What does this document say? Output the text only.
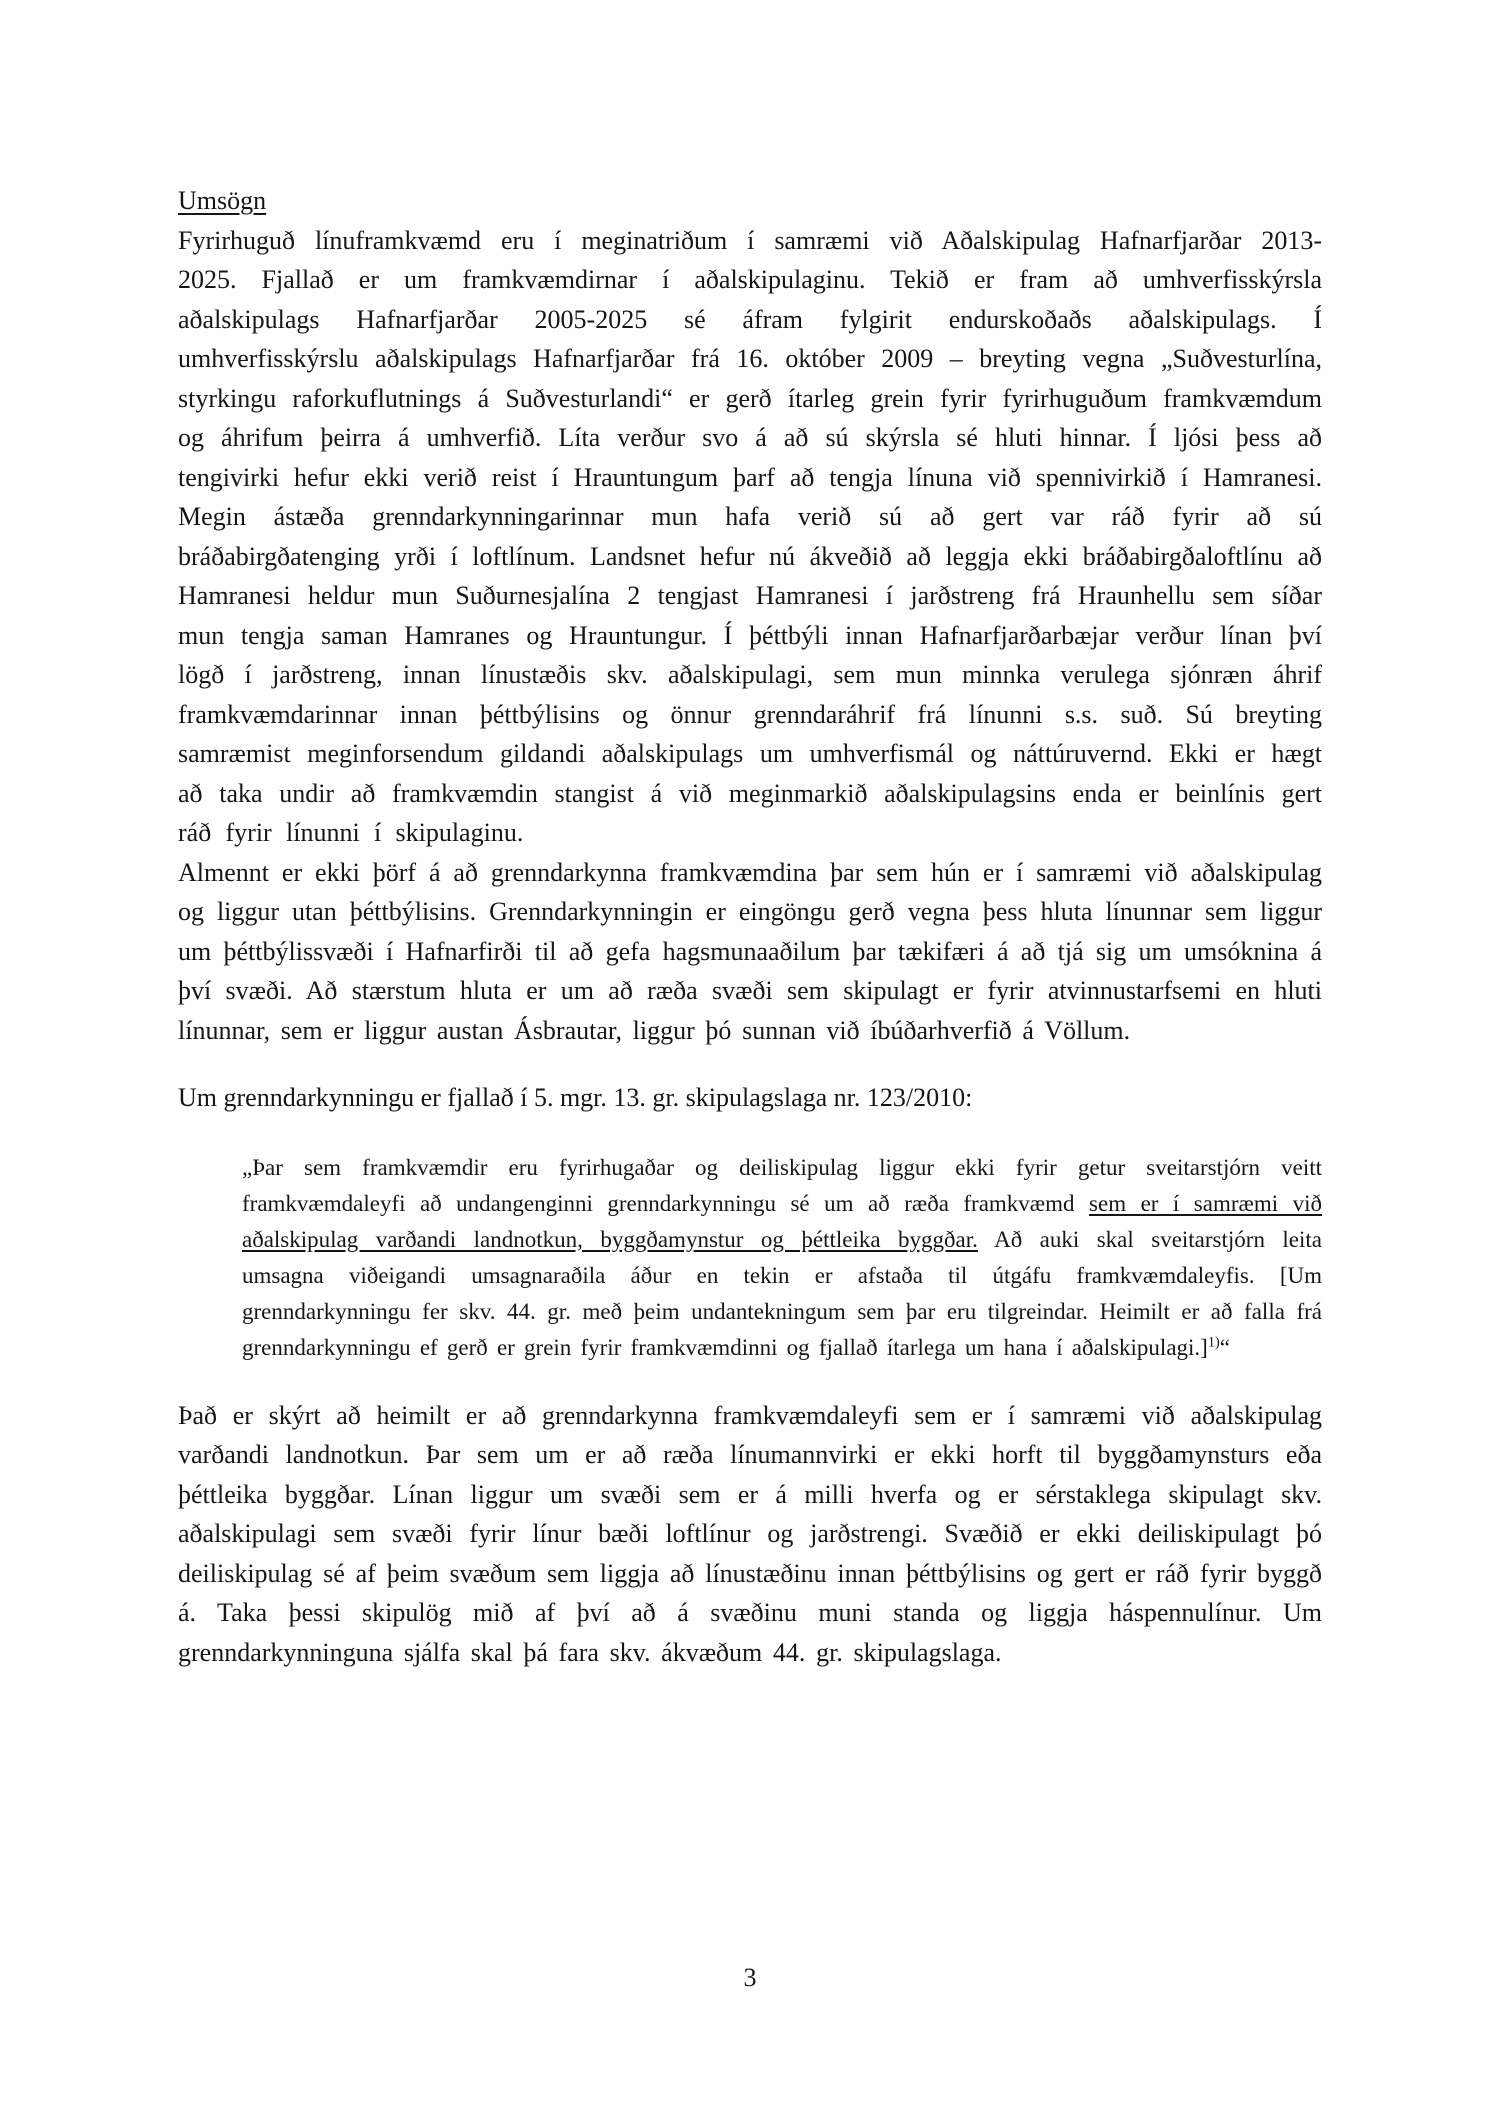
Umsögn

Fyrirhuguð línuframkvæmd eru í meginatriðum í samræmi við Aðalskipulag Hafnarfjarðar 2013-2025. Fjallað er um framkvæmdirnar í aðalskipulaginu. Tekið er fram að umhverfisskýrsla aðalskipulags Hafnarfjarðar 2005-2025 sé áfram fylgirit endurskoðaðs aðalskipulags. Í umhverfisskýrslu aðalskipulags Hafnarfjarðar frá 16. október 2009 – breyting vegna „Suðvesturlína, styrkingu raforkuflutnings á Suðvesturlandi“ er gerð ítarleg grein fyrir fyrirhuguðum framkvæmdum og áhrifum þeirra á umhverfið. Líta verður svo á að sú skýrsla sé hluti hinnar. Í ljósi þess að tengivirki hefur ekki verið reist í Hrauntungum þarf að tengja línuna við spennivirkið í Hamranesi. Megin ástæða grenndarkynningarinnar mun hafa verið sú að gert var ráð fyrir að sú bráðabirgðatenging yrði í loftlínum. Landsnet hefur nú ákveðið að leggja ekki bráðabirgðaloftlínu að Hamranesi heldur mun Suðurnesjalína 2 tengjast Hamranesi í jarðstreng frá Hraunhellu sem síðar mun tengja saman Hamranes og Hrauntungur. Í þéttbýli innan Hafnarfjarðarbæjar verður línan því lögð í jarðstreng, innan línustæðis skv. aðalskipulagi, sem mun minnka verulega sjónræn áhrif framkvæmdarinnar innan þéttbýlisins og önnur grenndaráhrif frá línunni s.s. suð. Sú breyting samræmist meginforsendum gildandi aðalskipulags um umhverfismál og náttúruvernd. Ekki er hægt að taka undir að framkvæmdin stangist á við meginmarkið aðalskipulagsins enda er beinlínis gert ráð fyrir línunni í skipulaginu.

Almennt er ekki þörf á að grenndarkynna framkvæmdina þar sem hún er í samræmi við aðalskipulag og liggur utan þéttbýlisins. Grenndarkynningin er eingöngu gerð vegna þess hluta línunnar sem liggur um þéttbýlissvæði í Hafnarfirði til að gefa hagsmunaaðilum þar tækifæri á að tjá sig um umsóknina á því svæði. Að stærstum hluta er um að ræða svæði sem skipulagt er fyrir atvinnustarfsemi en hluti línunnar, sem er liggur austan Ásbrautar, liggur þó sunnan við íbúðarhverfið á Völlum.

Um grenndarkynningu er fjallað í 5. mgr. 13. gr. skipulagslaga nr. 123/2010:

„Þar sem framkvæmdir eru fyrirhugaðar og deiliskipulag liggur ekki fyrir getur sveitarstjórn veitt framkvæmdaleyfi að undangenginni grenndarkynningu sé um að ræða framkvæmd sem er í samræmi við aðalskipulag varðandi landnotkun, byggðamynstur og þéttleika byggðar. Að auki skal sveitarstjórn leita umsagna viðeigandi umsagnaraðila áður en tekin er afstaða til útgáfu framkvæmdaleyfis. [Um grenndarkynningu fer skv. 44. gr. með þeim undantekningum sem þar eru tilgreindar. Heimilt er að falla frá grenndarkynningu ef gerð er grein fyrir framkvæmdinni og fjallað ítarlega um hana í aðalskipulagi.]$^{1)}$“

Það er skýrt að heimilt er að grenndarkynna framkvæmdaleyfi sem er í samræmi við aðalskipulag varðandi landnotkun. Þar sem um er að ræða línumannvirki er ekki horft til byggðamynsturs eða þéttleika byggðar. Línan liggur um svæði sem er á milli hverfa og er sérstaklega skipulagt skv. aðalskipulagi sem svæði fyrir línur bæði loftlínur og jarðstrengi. Svæðið er ekki deiliskipulagt þó deiliskipulag sé af þeim svæðum sem liggja að línustæðinu innan þéttbýlisins og gert er ráð fyrir byggð á. Taka þessi skipulög mið af því að á svæðinu muni standa og liggja háspennulínur. Um grenndarkynninguna sjálfa skal þá fara skv. ákvæðum 44. gr. skipulagslaga.

3
